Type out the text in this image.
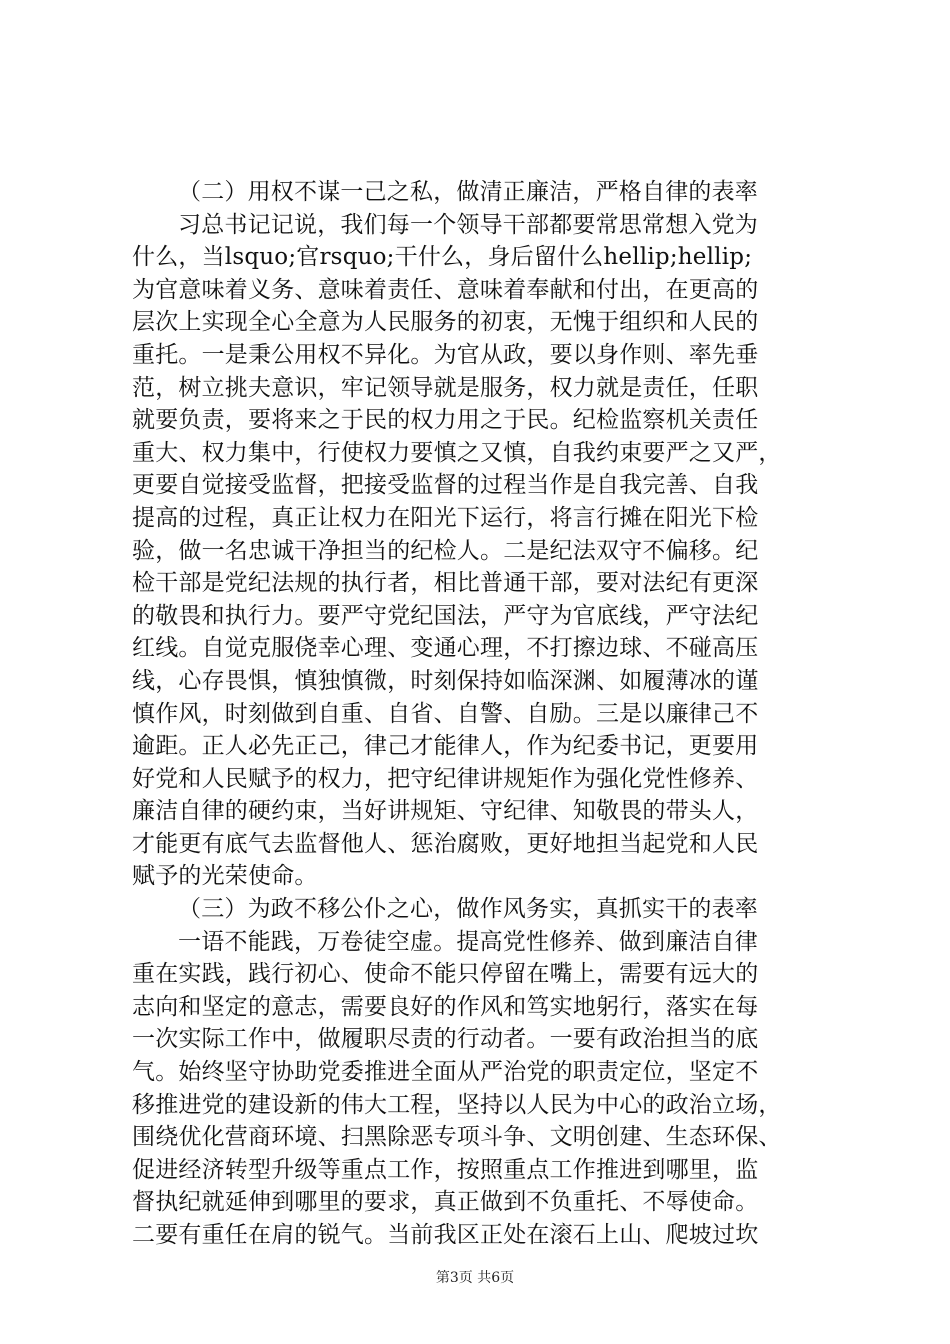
（二）用权不谋一己之私，做清正廉洁，严格自律的表率
习总书记记说，我们每一个领导干部都要常思常想入党为
什么，当lsquo;官rsquo;干什么，身后留什么hellip;hellip;
为官意味着义务、意味着责任、意味着奉献和付出，在更高的
层次上实现全心全意为人民服务的初衷，无愧于组织和人民的
重托。一是秉公用权不异化。为官从政，要以身作则、率先垂
范，树立挑夫意识，牢记领导就是服务，权力就是责任，任职
就要负责，要将来之于民的权力用之于民。纪检监察机关责任
重大、权力集中，行使权力要慎之又慎，自我约束要严之又严，
更要自觉接受监督，把接受监督的过程当作是自我完善、自我
提高的过程，真正让权力在阳光下运行，将言行摊在阳光下检
验，做一名忠诚干净担当的纪检人。二是纪法双守不偏移。纪
检干部是党纪法规的执行者，相比普通干部，要对法纪有更深
的敬畏和执行力。要严守党纪国法，严守为官底线，严守法纪
红线。自觉克服侥幸心理、变通心理，不打擦边球、不碰高压
线，心存畏惧，慎独慎微，时刻保持如临深渊、如履薄冰的谨
慎作风，时刻做到自重、自省、自警、自励。三是以廉律己不
逾距。正人必先正己，律己才能律人，作为纪委书记，更要用
好党和人民赋予的权力，把守纪律讲规矩作为强化党性修养、
廉洁自律的硬约束，当好讲规矩、守纪律、知敬畏的带头人，
才能更有底气去监督他人、惩治腐败，更好地担当起党和人民
赋予的光荣使命。
（三）为政不移公仆之心，做作风务实，真抓实干的表率
一语不能践，万卷徒空虚。提高党性修养、做到廉洁自律
重在实践，践行初心、使命不能只停留在嘴上，需要有远大的
志向和坚定的意志，需要良好的作风和笃实地躬行，落实在每
一次实际工作中，做履职尽责的行动者。一要有政治担当的底
气。始终坚守协助党委推进全面从严治党的职责定位，坚定不
移推进党的建设新的伟大工程，坚持以人民为中心的政治立场，
围绕优化营商环境、扫黑除恶专项斗争、文明创建、生态环保、
促进经济转型升级等重点工作，按照重点工作推进到哪里，监
督执纪就延伸到哪里的要求，真正做到不负重托、不辱使命。
二要有重任在肩的锐气。当前我区正处在滚石上山、爬坡过坎
第3页 共6页
